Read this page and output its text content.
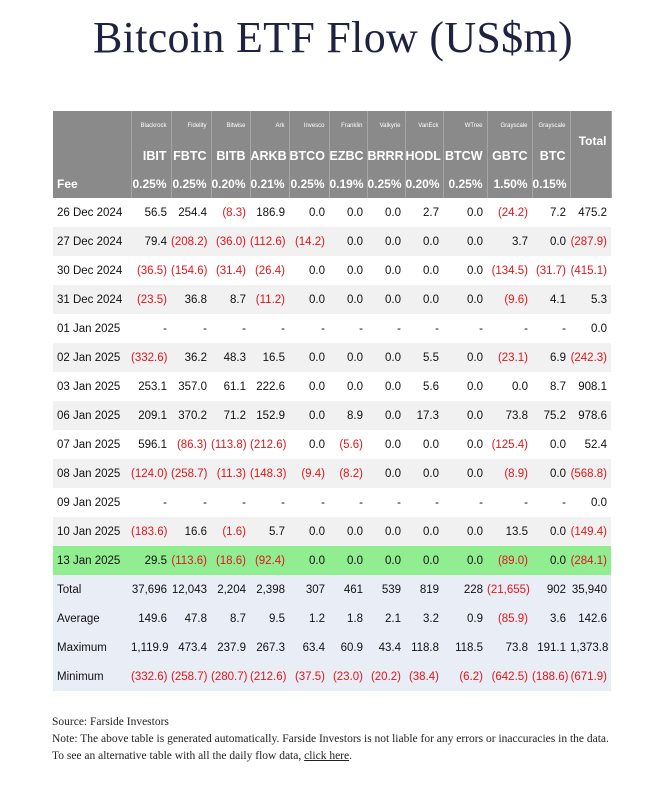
Bitcoin ETF Flow (US$m)
	Blackrock	Fidelity	Bitwise	Ark	Invesco	Franklin	Valkyrie	VanEck	WTree	Grayscale	Grayscale	Total
	IBIT	FBTC	BITB	ARKB	BTCO	EZBC	BRRR	HODL	BTCW	GBTC	BTC	
Fee	0.25%	0.25%	0.20%	0.21%	0.25%	0.19%	0.25%	0.20%	0.25%	1.50%	0.15%	
26 Dec 2024	56.5	254.4	(8.3)	186.9	0.0	0.0	0.0	2.7	0.0	(24.2)	7.2	475.2
27 Dec 2024	79.4	(208.2)	(36.0)	(112.6)	(14.2)	0.0	0.0	0.0	0.0	3.7	0.0	(287.9)
30 Dec 2024	(36.5)	(154.6)	(31.4)	(26.4)	0.0	0.0	0.0	0.0	0.0	(134.5)	(31.7)	(415.1)
31 Dec 2024	(23.5)	36.8	8.7	(11.2)	0.0	0.0	0.0	0.0	0.0	(9.6)	4.1	5.3
01 Jan 2025	-	-	-	-	-	-	-	-	-	-	-	0.0
02 Jan 2025	(332.6)	36.2	48.3	16.5	0.0	0.0	0.0	5.5	0.0	(23.1)	6.9	(242.3)
03 Jan 2025	253.1	357.0	61.1	222.6	0.0	0.0	0.0	5.6	0.0	0.0	8.7	908.1
06 Jan 2025	209.1	370.2	71.2	152.9	0.0	8.9	0.0	17.3	0.0	73.8	75.2	978.6
07 Jan 2025	596.1	(86.3)	(113.8)	(212.6)	0.0	(5.6)	0.0	0.0	0.0	(125.4)	0.0	52.4
08 Jan 2025	(124.0)	(258.7)	(11.3)	(148.3)	(9.4)	(8.2)	0.0	0.0	0.0	(8.9)	0.0	(568.8)
09 Jan 2025	-	-	-	-	-	-	-	-	-	-	-	0.0
10 Jan 2025	(183.6)	16.6	(1.6)	5.7	0.0	0.0	0.0	0.0	0.0	13.5	0.0	(149.4)
13 Jan 2025	29.5	(113.6)	(18.6)	(92.4)	0.0	0.0	0.0	0.0	0.0	(89.0)	0.0	(284.1)
Total	37,696	12,043	2,204	2,398	307	461	539	819	228	(21,655)	902	35,940
Average	149.6	47.8	8.7	9.5	1.2	1.8	2.1	3.2	0.9	(85.9)	3.6	142.6
Maximum	1,119.9	473.4	237.9	267.3	63.4	60.9	43.4	118.8	118.5	73.8	191.1	1,373.8
Minimum	(332.6)	(258.7)	(280.7)	(212.6)	(37.5)	(23.0)	(20.2)	(38.4)	(6.2)	(642.5)	(188.6)	(671.9)
Source: Farside Investors
Note: The above table is generated automatically. Farside Investors is not liable for any errors or inaccuracies in the data. To see an alternative table with all the daily flow data, click here.
